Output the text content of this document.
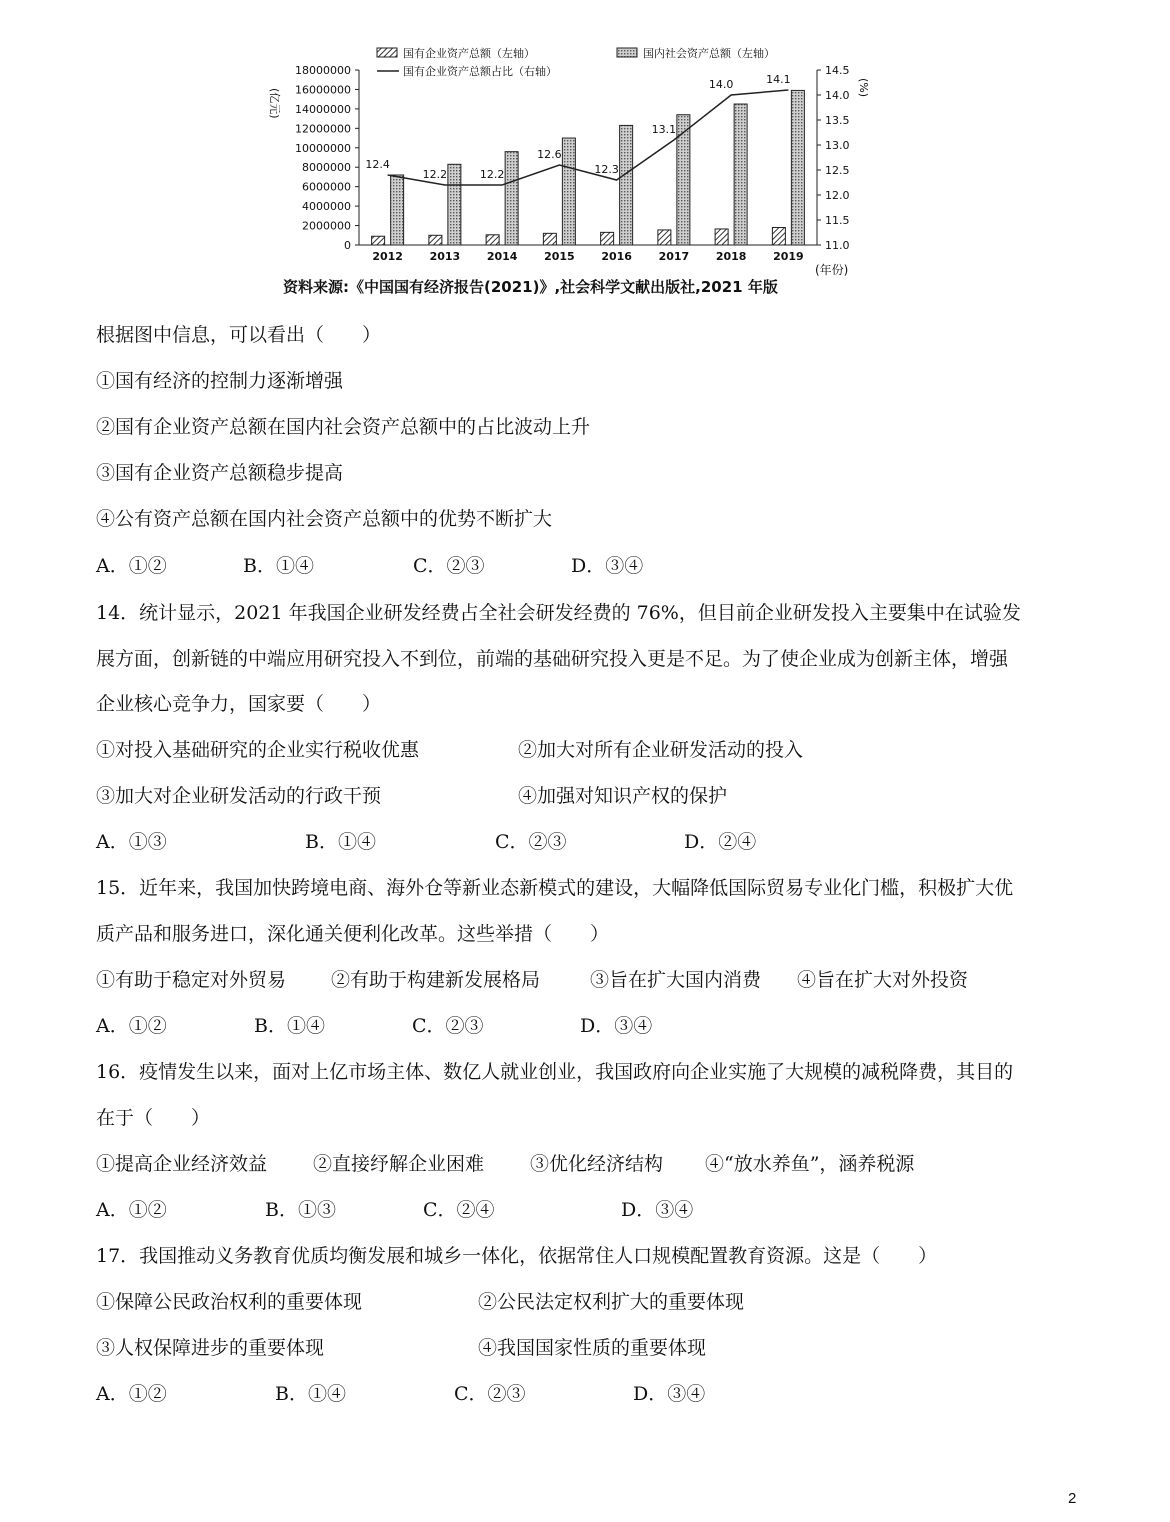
国有企业资产总额（左轴）	国内社会资产总额（左轴）
国有企业资产总额占比（右轴）
(亿元)
(%)
(年份)
18000000
16000000
14000000
12000000
10000000
8000000
6000000
4000000
2000000
0
14.5
14.0
13.5
13.0
12.5
12.0
11.5
11.0
2012 2013 2014 2015 2016 2017 2018 2019
12.4
12.2	12.2
12.6
12.3
13.1
14.0	14.1
资料来源:《中国国有经济报告(2021)》,社会科学文献出版社,2021 年版
根据图中信息，可以看出（　　）
①国有经济的控制力逐渐增强
②国有企业资产总额在国内社会资产总额中的占比波动上升
③国有企业资产总额稳步提高
④公有资产总额在国内社会资产总额中的优势不断扩大
A．①②	B．①④	C．②③	D．③④
14．统计显示，2021 年我国企业研发经费占全社会研发经费的 76%，但目前企业研发投入主要集中在试验发
展方面，创新链的中端应用研究投入不到位，前端的基础研究投入更是不足。为了使企业成为创新主体，增强
企业核心竞争力，国家要（　　）
①对投入基础研究的企业实行税收优惠	②加大对所有企业研发活动的投入
③加大对企业研发活动的行政干预	④加强对知识产权的保护
A．①③	B．①④	C．②③	D．②④
15．近年来，我国加快跨境电商、海外仓等新业态新模式的建设，大幅降低国际贸易专业化门槛，积极扩大优
质产品和服务进口，深化通关便利化改革。这些举措（　　）
①有助于稳定对外贸易 ②有助于构建新发展格局	③旨在扩大国内消费 ④旨在扩大对外投资
A．①②	B．①④	C．②③	D．③④
16．疫情发生以来，面对上亿市场主体、数亿人就业创业，我国政府向企业实施了大规模的减税降费，其目的
在于（　　）
①提高企业经济效益 ②直接纾解企业困难 ③优化经济结构 ④“放水养鱼”，涵养税源
A．①②	B．①③	C．②④	D．③④
17．我国推动义务教育优质均衡发展和城乡一体化，依据常住人口规模配置教育资源。这是（　　）
①保障公民政治权利的重要体现	②公民法定权利扩大的重要体现
③人权保障进步的重要体现	④我国国家性质的重要体现
A．①②	B．①④	C．②③	D．③④
2
